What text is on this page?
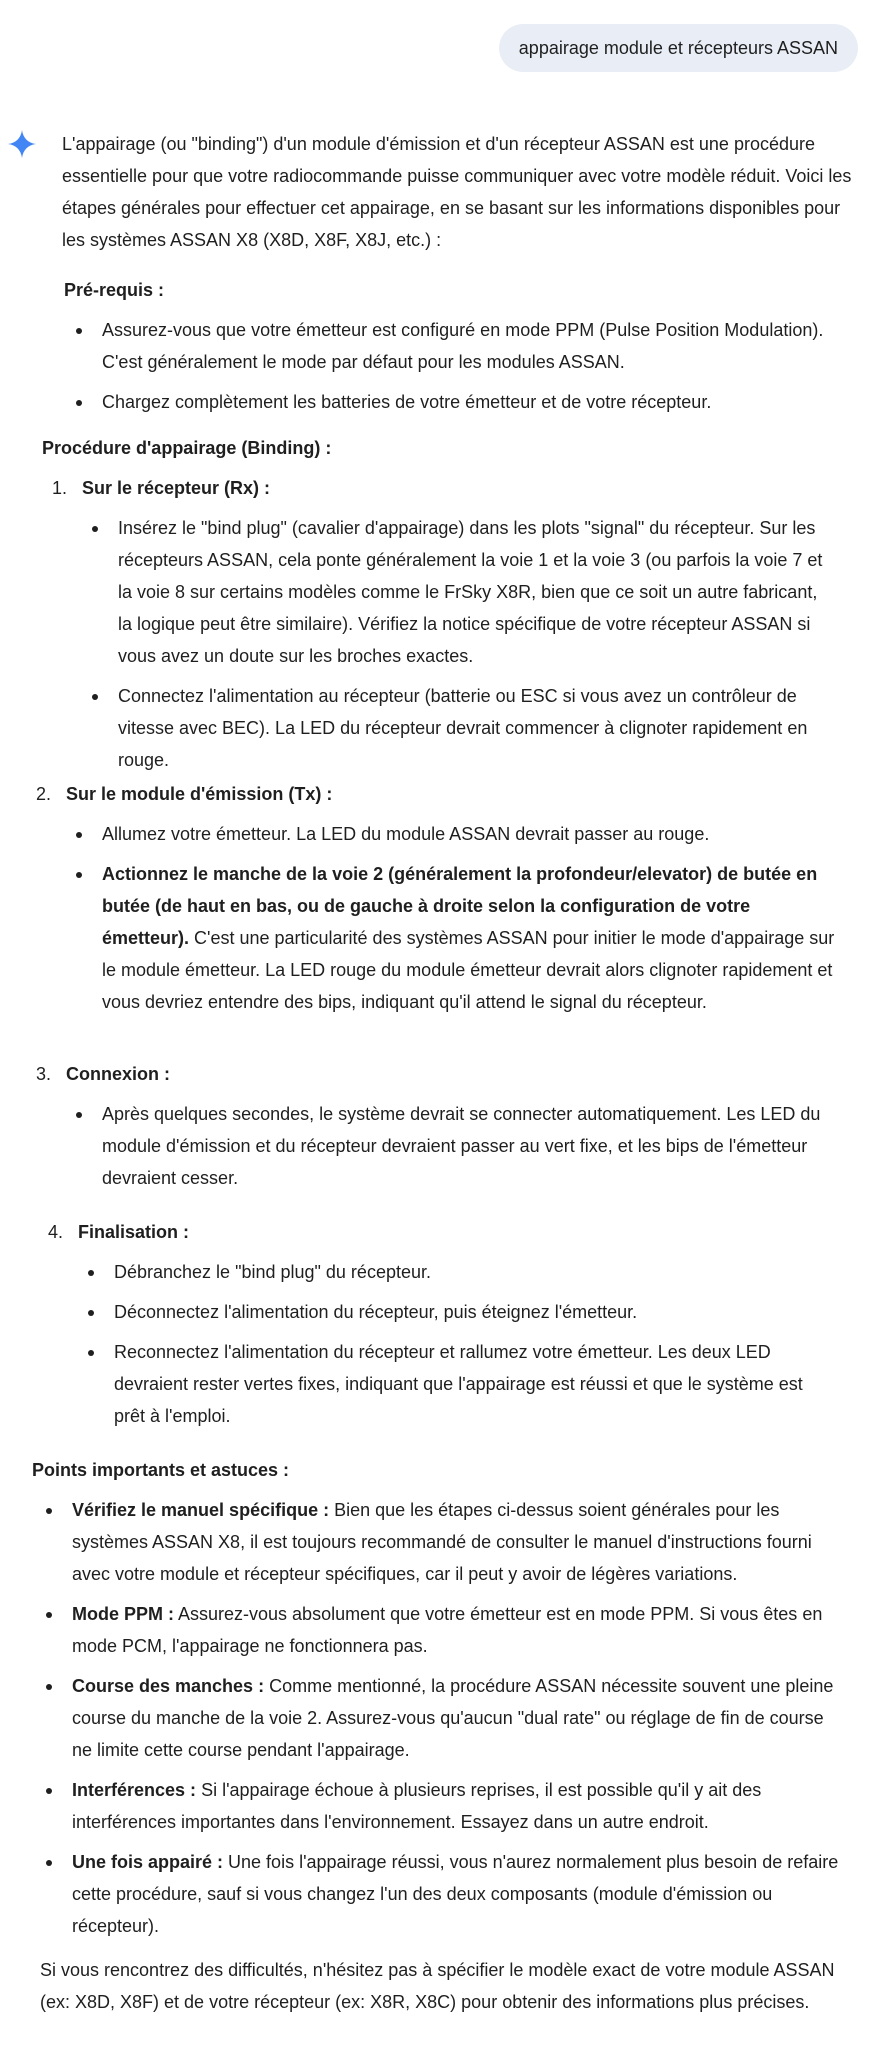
appairage module et récepteurs ASSAN

L'appairage (ou "binding") d'un module d'émission et d'un récepteur ASSAN est une procédure essentielle pour que votre radiocommande puisse communiquer avec votre modèle réduit. Voici les étapes générales pour effectuer cet appairage, en se basant sur les informations disponibles pour les systèmes ASSAN X8 (X8D, X8F, X8J, etc.) :

Pré-requis :
Assurez-vous que votre émetteur est configuré en mode PPM (Pulse Position Modulation). C'est généralement le mode par défaut pour les modules ASSAN.
Chargez complètement les batteries de votre émetteur et de votre récepteur.
Procédure d'appairage (Binding) :
1. Sur le récepteur (Rx) :
Insérez le "bind plug" (cavalier d'appairage) dans les plots "signal" du récepteur. Sur les récepteurs ASSAN, cela ponte généralement la voie 1 et la voie 3 (ou parfois la voie 7 et la voie 8 sur certains modèles comme le FrSky X8R, bien que ce soit un autre fabricant, la logique peut être similaire). Vérifiez la notice spécifique de votre récepteur ASSAN si vous avez un doute sur les broches exactes.
Connectez l'alimentation au récepteur (batterie ou ESC si vous avez un contrôleur de vitesse avec BEC). La LED du récepteur devrait commencer à clignoter rapidement en rouge.
2. Sur le module d'émission (Tx) :
Allumez votre émetteur. La LED du module ASSAN devrait passer au rouge.
Actionnez le manche de la voie 2 (généralement la profondeur/elevator) de butée en butée (de haut en bas, ou de gauche à droite selon la configuration de votre émetteur). C'est une particularité des systèmes ASSAN pour initier le mode d'appairage sur le module émetteur. La LED rouge du module émetteur devrait alors clignoter rapidement et vous devriez entendre des bips, indiquant qu'il attend le signal du récepteur.
3. Connexion :
Après quelques secondes, le système devrait se connecter automatiquement. Les LED du module d'émission et du récepteur devraient passer au vert fixe, et les bips de l'émetteur devraient cesser.
4. Finalisation :
Débranchez le "bind plug" du récepteur.
Déconnectez l'alimentation du récepteur, puis éteignez l'émetteur.
Reconnectez l'alimentation du récepteur et rallumez votre émetteur. Les deux LED devraient rester vertes fixes, indiquant que l'appairage est réussi et que le système est prêt à l'emploi.
Points importants et astuces :
Vérifiez le manuel spécifique : Bien que les étapes ci-dessus soient générales pour les systèmes ASSAN X8, il est toujours recommandé de consulter le manuel d'instructions fourni avec votre module et récepteur spécifiques, car il peut y avoir de légères variations.
Mode PPM : Assurez-vous absolument que votre émetteur est en mode PPM. Si vous êtes en mode PCM, l'appairage ne fonctionnera pas.
Course des manches : Comme mentionné, la procédure ASSAN nécessite souvent une pleine course du manche de la voie 2. Assurez-vous qu'aucun "dual rate" ou réglage de fin de course ne limite cette course pendant l'appairage.
Interférences : Si l'appairage échoue à plusieurs reprises, il est possible qu'il y ait des interférences importantes dans l'environnement. Essayez dans un autre endroit.
Une fois appairé : Une fois l'appairage réussi, vous n'aurez normalement plus besoin de refaire cette procédure, sauf si vous changez l'un des deux composants (module d'émission ou récepteur).

Si vous rencontrez des difficultés, n'hésitez pas à spécifier le modèle exact de votre module ASSAN (ex: X8D, X8F) et de votre récepteur (ex: X8R, X8C) pour obtenir des informations plus précises.
